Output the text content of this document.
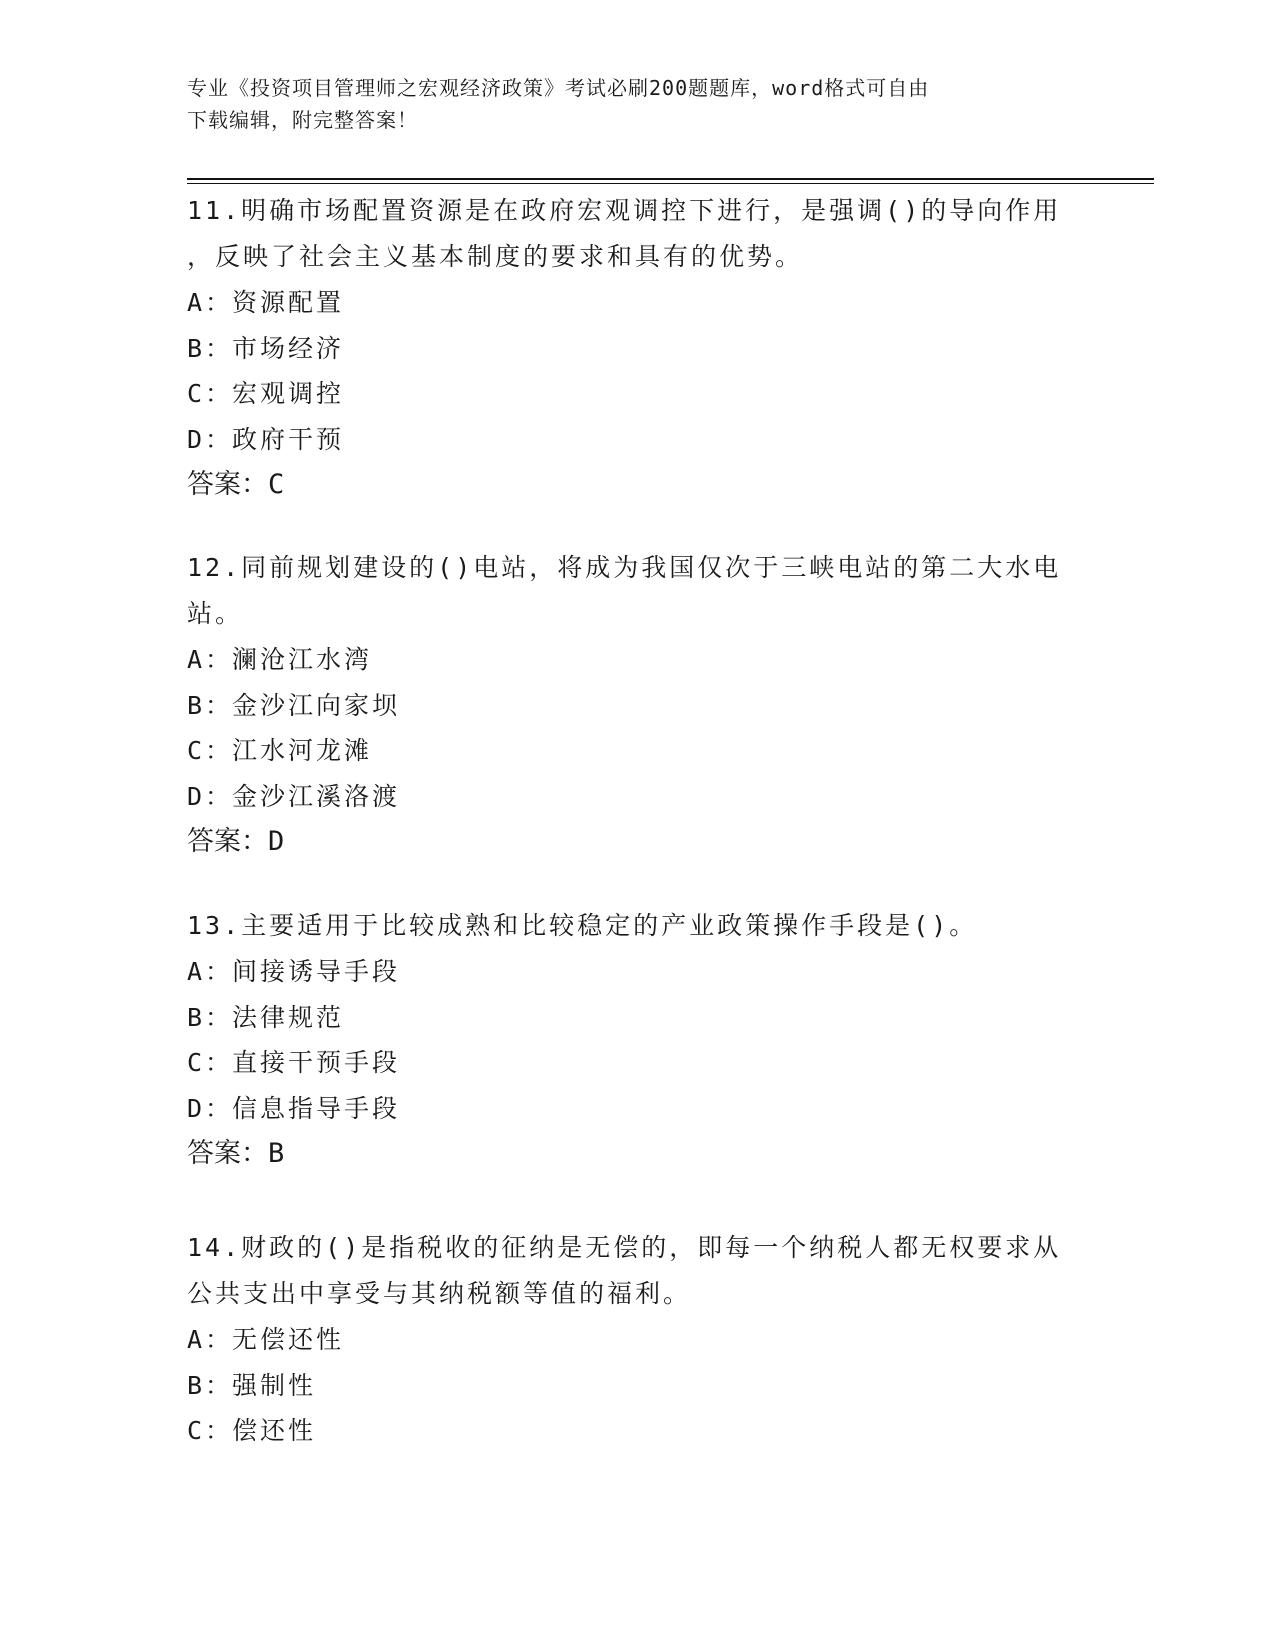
专业《投资项目管理师之宏观经济政策》考试必刷200题题库，word格式可自由
下载编辑，附完整答案！

11.明确市场配置资源是在政府宏观调控下进行，是强调()的导向作用

，反映了社会主义基本制度的要求和具有的优势。

A：
资源配置

B：
市场经济

C：
宏观调控

D：
政府干预

答案：C

12.同前规划建设的()电站，将成为我国仅次于三峡电站的第二大水电

站。

A：
澜沧江水湾

B：
金沙江向家坝

C：
江水河龙滩

D：
金沙江溪洛渡

答案：D

13.主要适用于比较成熟和比较稳定的产业政策操作手段是()。

A：
间接诱导手段

B：
法律规范

C：
直接干预手段

D：
信息指导手段

答案：B

14.财政的()是指税收的征纳是无偿的，即每一个纳税人都无权要求从

公共支出中享受与其纳税额等值的福利。

A：
无偿还性

B：
强制性

C：
偿还性
